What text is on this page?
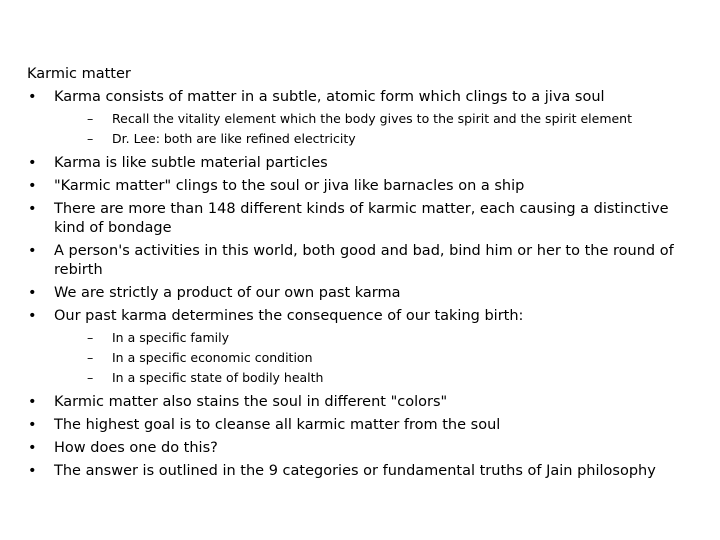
Karmic matter
• Karma consists of matter in a subtle, atomic form which clings to a jiva soul
– Recall the vitality element which the body gives to the spirit and the spirit element
– Dr. Lee: both are like refined electricity
• Karma is like subtle material particles
• "Karmic matter" clings to the soul or jiva like barnacles on a ship
• There are more than 148 different kinds of karmic matter, each causing a distinctive kind of bondage
• A person's activities in this world, both good and bad, bind him or her to the round of rebirth
• We are strictly a product of our own past karma
• Our past karma determines the consequence of our taking birth:
– In a specific family
– In a specific economic condition
– In a specific state of bodily health
• Karmic matter also stains the soul in different "colors"
• The highest goal is to cleanse all karmic matter from the soul
• How does one do this?
• The answer is outlined in the 9 categories or fundamental truths of Jain philosophy
